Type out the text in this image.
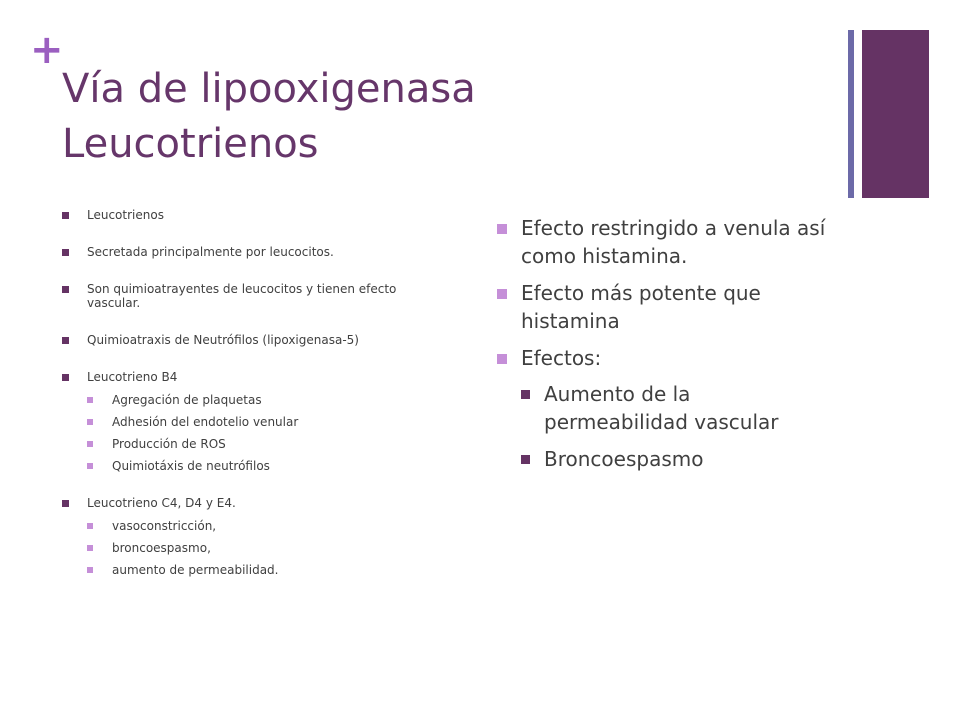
+
Vía de lipooxigenasa
Leucotrienos
Leucotrienos
Secretada principalmente por leucocitos.
Son quimioatrayentes de leucocitos y tienen efecto vascular.
Quimioatraxis de Neutrófilos (lipoxigenasa-5)
Leucotrieno B4
Agregación de plaquetas
Adhesión del endotelio venular
Producción de ROS
Quimiotáxis de neutrófilos
Leucotrieno C4, D4 y E4.
vasoconstricción,
broncoespasmo,
aumento de permeabilidad.
Efecto restringido a venula así como histamina.
Efecto más potente que histamina
Efectos:
Aumento de la permeabilidad vascular
Broncoespasmo
